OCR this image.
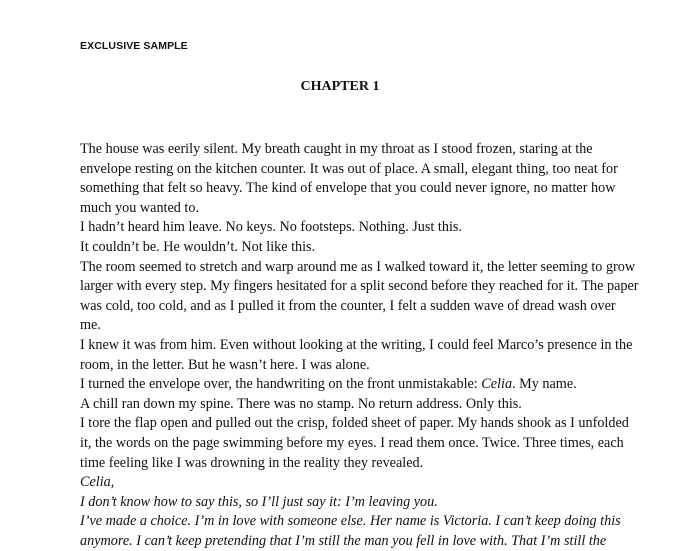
EXCLUSIVE SAMPLE
CHAPTER 1

The house was eerily silent. My breath caught in my throat as I stood frozen, staring at the envelope resting on the kitchen counter. It was out of place. A small, elegant thing, too neat for something that felt so heavy. The kind of envelope that you could never ignore, no matter how much you wanted to.

I hadn’t heard him leave. No keys. No footsteps. Nothing. Just this.

It couldn’t be. He wouldn’t. Not like this.

The room seemed to stretch and warp around me as I walked toward it, the letter seeming to grow larger with every step. My fingers hesitated for a split second before they reached for it. The paper was cold, too cold, and as I pulled it from the counter, I felt a sudden wave of dread wash over me.

I knew it was from him. Even without looking at the writing, I could feel Marco’s presence in the room, in the letter. But he wasn’t here. I was alone.

I turned the envelope over, the handwriting on the front unmistakable: Celia. My name.

A chill ran down my spine. There was no stamp. No return address. Only this.

I tore the flap open and pulled out the crisp, folded sheet of paper. My hands shook as I unfolded it, the words on the page swimming before my eyes. I read them once. Twice. Three times, each time feeling like I was drowning in the reality they revealed.

Celia,

I don’t know how to say this, so I’ll just say it: I’m leaving you.

I’ve made a choice. I’m in love with someone else. Her name is Victoria. I can’t keep doing this anymore. I can’t keep pretending that I’m still the man you fell in love with. That I’m still the
